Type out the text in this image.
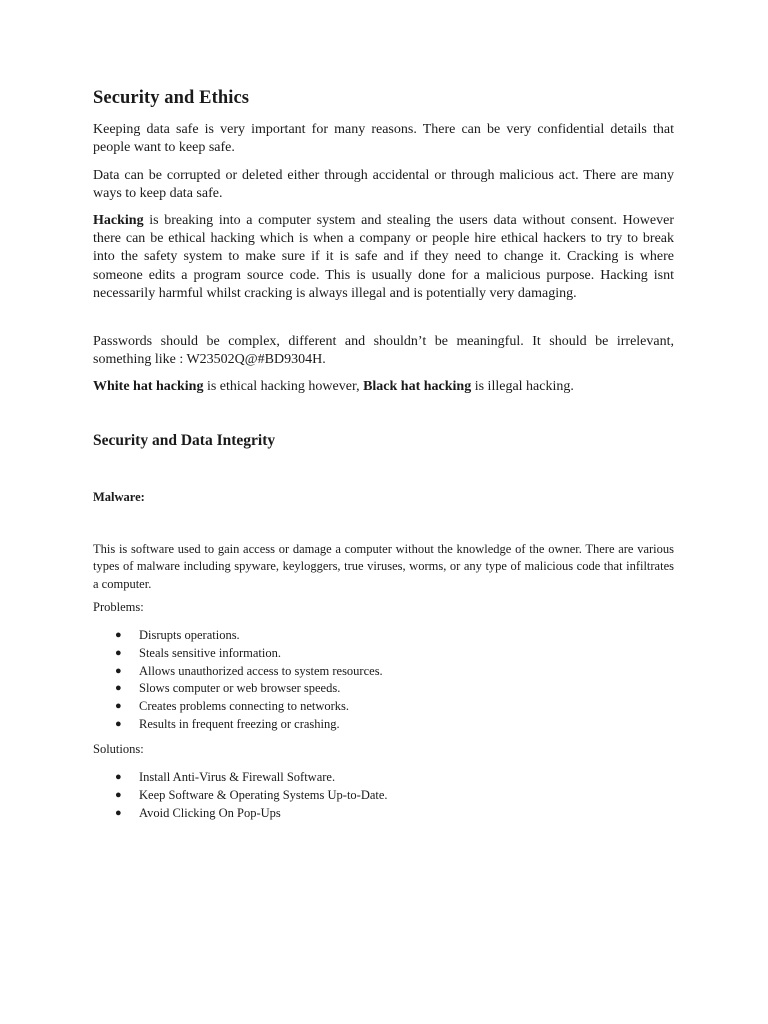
Security and Ethics

Keeping data safe is very important for many reasons. There can be very confidential details that people want to keep safe.

Data can be corrupted or deleted either through accidental or through malicious act. There are many ways to keep data safe.

Hacking is breaking into a computer system and stealing the users data without consent. However there can be ethical hacking which is when a company or people hire ethical hackers to try to break into the safety system to make sure if it is safe and if they need to change it. Cracking is where someone edits a program source code. This is usually done for a malicious purpose. Hacking isnt necessarily harmful whilst cracking is always illegal and is potentially very damaging.

Passwords should be complex, different and shouldn’t be meaningful. It should be irrelevant, something like : W23502Q@#BD9304H.

White hat hacking is ethical hacking however, Black hat hacking is illegal hacking.

Security and Data Integrity
Malware:

This is software used to gain access or damage a computer without the knowledge of the owner. There are various types of malware including spyware, keyloggers, true viruses, worms, or any type of malicious code that infiltrates a computer.

Problems:

● Disrupts operations.
● Steals sensitive information.
● Allows unauthorized access to system resources.
● Slows computer or web browser speeds.
● Creates problems connecting to networks.
● Results in frequent freezing or crashing.

Solutions:

● Install Anti-Virus & Firewall Software.
● Keep Software & Operating Systems Up-to-Date.
● Avoid Clicking On Pop-Ups
